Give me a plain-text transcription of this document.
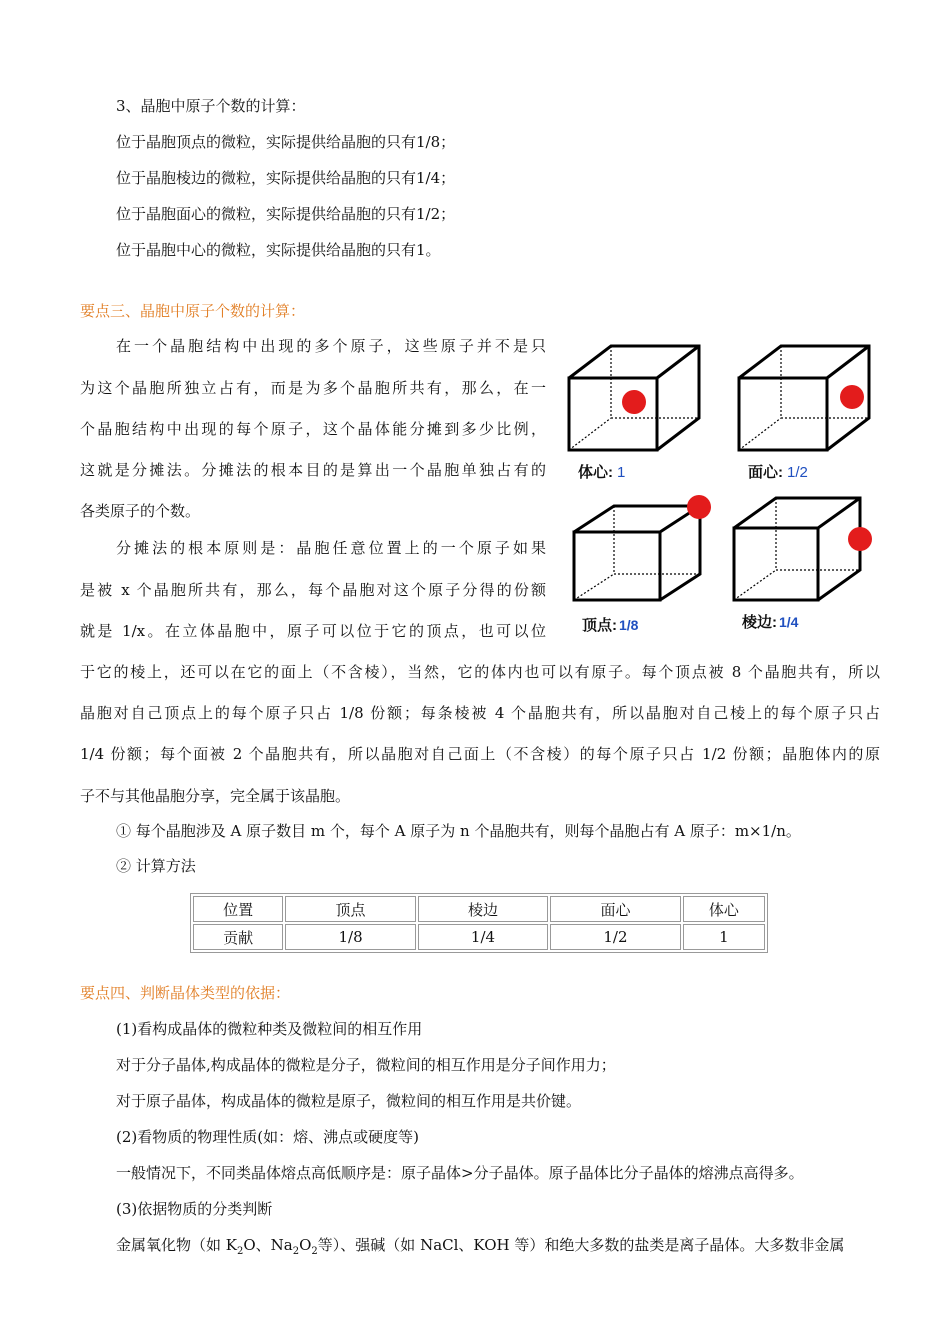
3、晶胞中原子个数的计算：
位于晶胞顶点的微粒，实际提供给晶胞的只有1/8；
位于晶胞棱边的微粒，实际提供给晶胞的只有1/4；
位于晶胞面心的微粒，实际提供给晶胞的只有1/2；
位于晶胞中心的微粒，实际提供给晶胞的只有1。
要点三、晶胞中原子个数的计算：
在一个晶胞结构中出现的多个原子，这些原子并不是只
为这个晶胞所独立占有，而是为多个晶胞所共有，那么，在一
个晶胞结构中出现的每个原子，这个晶体能分摊到多少比例，
这就是分摊法。分摊法的根本目的是算出一个晶胞单独占有的
各类原子的个数。
分摊法的根本原则是：晶胞任意位置上的一个原子如果
是被 x 个晶胞所共有，那么，每个晶胞对这个原子分得的份额
就是 1/x。在立体晶胞中，原子可以位于它的顶点，也可以位
于它的棱上，还可以在它的面上（不含棱），当然，它的体内也可以有原子。每个顶点被 8 个晶胞共有，所以
晶胞对自己顶点上的每个原子只占 1/8 份额；每条棱被 4 个晶胞共有，所以晶胞对自己棱上的每个原子只占
1/4 份额；每个面被 2 个晶胞共有，所以晶胞对自己面上（不含棱）的每个原子只占 1/2 份额；晶胞体内的原
子不与其他晶胞分享，完全属于该晶胞。
① 每个晶胞涉及 A 原子数目 m 个，每个 A 原子为 n 个晶胞共有，则每个晶胞占有 A 原子：m×1/n。
② 计算方法
体心: 1	面心: 1/2
顶点: 1/8	棱边: 1/4
位置	顶点	棱边	面心	体心
贡献	1/8	1/4	1/2	1
要点四、判断晶体类型的依据：
(1)看构成晶体的微粒种类及微粒间的相互作用
对于分子晶体,构成晶体的微粒是分子，微粒间的相互作用是分子间作用力；
对于原子晶体，构成晶体的微粒是原子，微粒间的相互作用是共价键。
(2)看物质的物理性质(如：熔、沸点或硬度等)
一般情况下，不同类晶体熔点高低顺序是：原子晶体>分子晶体。原子晶体比分子晶体的熔沸点高得多。
(3)依据物质的分类判断
金属氧化物（如 $K_2O$、$Na_2O_2$等）、强碱（如 NaCl、KOH 等）和绝大多数的盐类是离子晶体。大多数非金属
